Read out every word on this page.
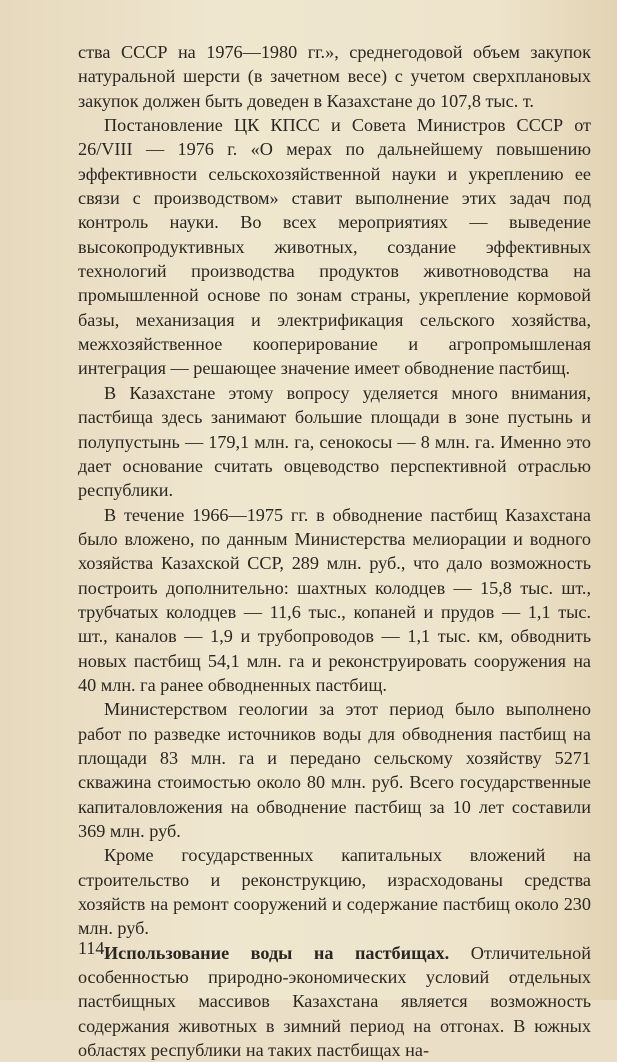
ства СССР на 1976—1980 гг.», среднегодовой объем закупок натуральной шерсти (в зачетном весе) с учетом сверхплановых закупок должен быть доведен в Казахстане до 107,8 тыс. т.

Постановление ЦК КПСС и Совета Министров СССР от 26/VIII — 1976 г. «О мерах по дальнейшему повышению эффективности сельскохозяйственной науки и укреплению ее связи с производством» ставит выполнение этих задач под контроль науки. Во всех мероприятиях — выведение высокопродуктивных животных, создание эффективных технологий производства продуктов животноводства на промышленной основе по зонам страны, укрепление кормовой базы, механизация и электрификация сельского хозяйства, межхозяйственное кооперирование и агропромышленая интеграция — решающее значение имеет обводнение пастбищ.

В Казахстане этому вопросу уделяется много внимания, пастбища здесь занимают большие площади в зоне пустынь и полупустынь — 179,1 млн. га, сенокосы — 8 млн. га. Именно это дает основание считать овцеводство перспективной отраслью республики.

В течение 1966—1975 гг. в обводнение пастбищ Казахстана было вложено, по данным Министерства мелиорации и водного хозяйства Казахской ССР, 289 млн. руб., что дало возможность построить дополнительно: шахтных колодцев — 15,8 тыс. шт., трубчатых колодцев — 11,6 тыс., копаней и прудов — 1,1 тыс. шт., каналов — 1,9 и трубопроводов — 1,1 тыс. км, обводнить новых пастбищ 54,1 млн. га и реконструировать сооружения на 40 млн. га ранее обводненных пастбищ.

Министерством геологии за этот период было выполнено работ по разведке источников воды для обводнения пастбищ на площади 83 млн. га и передано сельскому хозяйству 5271 скважина стоимостью около 80 млн. руб. Всего государственные капиталовложения на обводнение пастбищ за 10 лет составили 369 млн. руб.

Кроме государственных капитальных вложений на строительство и реконструкцию, израсходованы средства хозяйств на ремонт сооружений и содержание пастбищ около 230 млн. руб.

Использование воды на пастбищах. Отличительной особенностью природно-экономических условий отдельных пастбищных массивов Казахстана является возможность содержания животных в зимний период на отгонах. В южных областях республики на таких пастбищах на-

114
